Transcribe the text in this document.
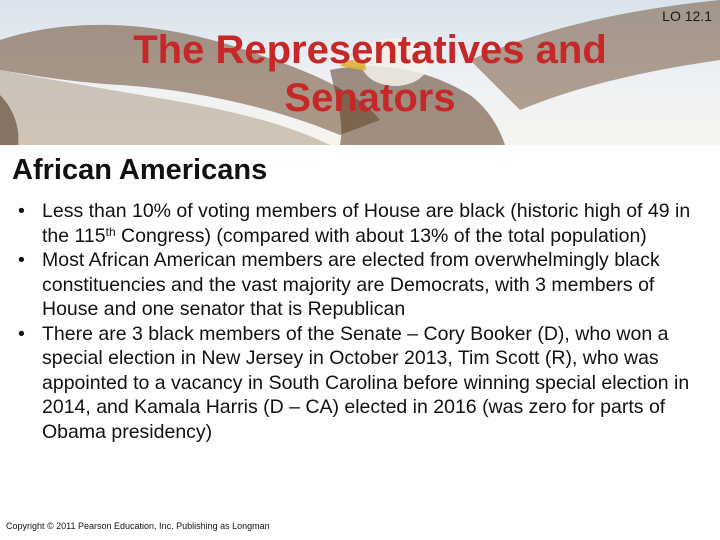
LO 12.1
The Representatives and Senators
African Americans
• Less than 10% of voting members of House are black (historic high of 49 in the 115th Congress) (compared with about 13% of the total population)
• Most African American members are elected from overwhelmingly black constituencies and the vast majority are Democrats, with 3 members of House and one senator that is Republican
• There are 3 black members of the Senate – Cory Booker (D), who won a special election in New Jersey in October 2013, Tim Scott (R), who was appointed to a vacancy in South Carolina before winning special election in 2014, and Kamala Harris (D – CA) elected in 2016 (was zero for parts of Obama presidency)
Copyright © 2011 Pearson Education, Inc. Publishing as Longman
